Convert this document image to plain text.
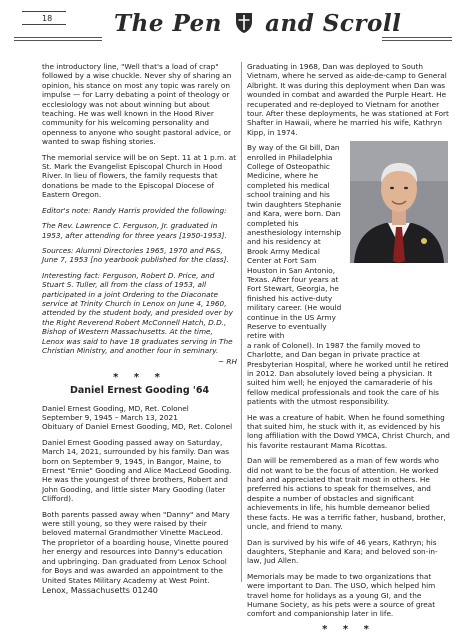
18	The Pen and Scroll

the introductory line, "Well that's a load of crap" followed by a wise chuckle. Never shy of sharing an opinion, his stance on most any topic was rarely on impulse — for Larry debating a point of theology or ecclesiology was not about winning but about teaching. He was well known in the Hood River community for his welcoming personality and openness to anyone who sought pastoral advice, or wanted to swap fishing stories.

The memorial service will be on Sept. 11 at 1 p.m. at St. Mark the Evangelist Episcopal Church in Hood River. In lieu of flowers, the family requests that donations be made to the Episcopal Diocese of Eastern Oregon.

Editor's note: Randy Harris provided the following:

The Rev. Lawrence C. Ferguson, Jr. graduated in 1953, after attending for three years [1950-1953].

Sources: Alumni Directories 1965, 1970 and P&S, June 7, 1953 [no yearbook published for the class].

Interesting fact: Ferguson, Robert D. Price, and Stuart S. Tuller, all from the class of 1953, all participated in a joint Ordering to the Diaconate service at Trinity Church in Lenox on June 4, 1960, attended by the student body, and presided over by the Right Reverend Robert McConnell Hatch, D.D., Bishop of Western Massachusetts. At the time, Lenox was said to have 18 graduates serving in The Christian Ministry, and another four in seminary.

~ RH
* * *
Daniel Ernest Gooding '64

Daniel Ernest Gooding, MD, Ret. Colonel

September 9, 1945 – March 13, 2021

Obituary of Daniel Ernest Gooding, MD, Ret. Colonel

Daniel Ernest Gooding passed away on Saturday, March 14, 2021, surrounded by his family. Dan was born on September 9, 1945, in Bangor, Maine, to Ernest "Ernie" Gooding and Alice MacLeod Gooding. He was the youngest of three brothers, Robert and John Gooding, and little sister Mary Gooding (later Clifford).

Both parents passed away when "Danny" and Mary were still young, so they were raised by their beloved maternal Grandmother Vinette MacLeod. The proprietor of a boarding house, Vinette poured her energy and resources into Danny's education and upbringing. Dan graduated from Lenox School for Boys and was awarded an appointment to the United States Military Academy at West Point.

Graduating in 1968, Dan was deployed to South Vietnam, where he served as aide-de-camp to General Albright. It was during this deployment when Dan was wounded in combat and awarded the Purple Heart. He recuperated and re-deployed to Vietnam for another tour. After these deployments, he was stationed at Fort Shafter in Hawaii, where he married his wife, Kathryn Kipp, in 1974.

By way of the GI bill, Dan enrolled in Philadelphia College of Osteopathic Medicine, where he completed his medical school training and his twin daughters Stephanie and Kara, were born. Dan completed his anesthesiology internship and his residency at Brook Army Medical Center at Fort Sam Houston in San Antonio, Texas. After four years at Fort Stewart, Georgia, he finished his active-duty military career. (He would continue in the US Army Reserve to eventually retire with

a rank of Colonel). In 1987 the family moved to Charlotte, and Dan began in private practice at Presbyterian Hospital, where he worked until he retired in 2012. Dan absolutely loved being a physician. It suited him well; he enjoyed the camaraderie of his fellow medical professionals and took the care of his patients with the utmost responsibility.

He was a creature of habit. When he found something that suited him, he stuck with it, as evidenced by his long affiliation with the Dowd YMCA, Christ Church, and his favorite restaurant Mama Ricottas.

Dan will be remembered as a man of few words who did not want to be the focus of attention. He worked hard and appreciated that trait most in others. He preferred his actions to speak for themselves, and despite a number of obstacles and significant achievements in life, his humble demeanor belied these facts. He was a terrific father, husband, brother, uncle, and friend to many.

Dan is survived by his wife of 46 years, Kathryn; his daughters, Stephanie and Kara; and beloved son-in-law, Jud Allen.

Memorials may be made to two organizations that were important to Dan. The USO, which helped him travel home for holidays as a young GI, and the Humane Society, as his pets were a source of great comfort and companionship later in life.

* * *
Lenox, Massachusetts 01240
